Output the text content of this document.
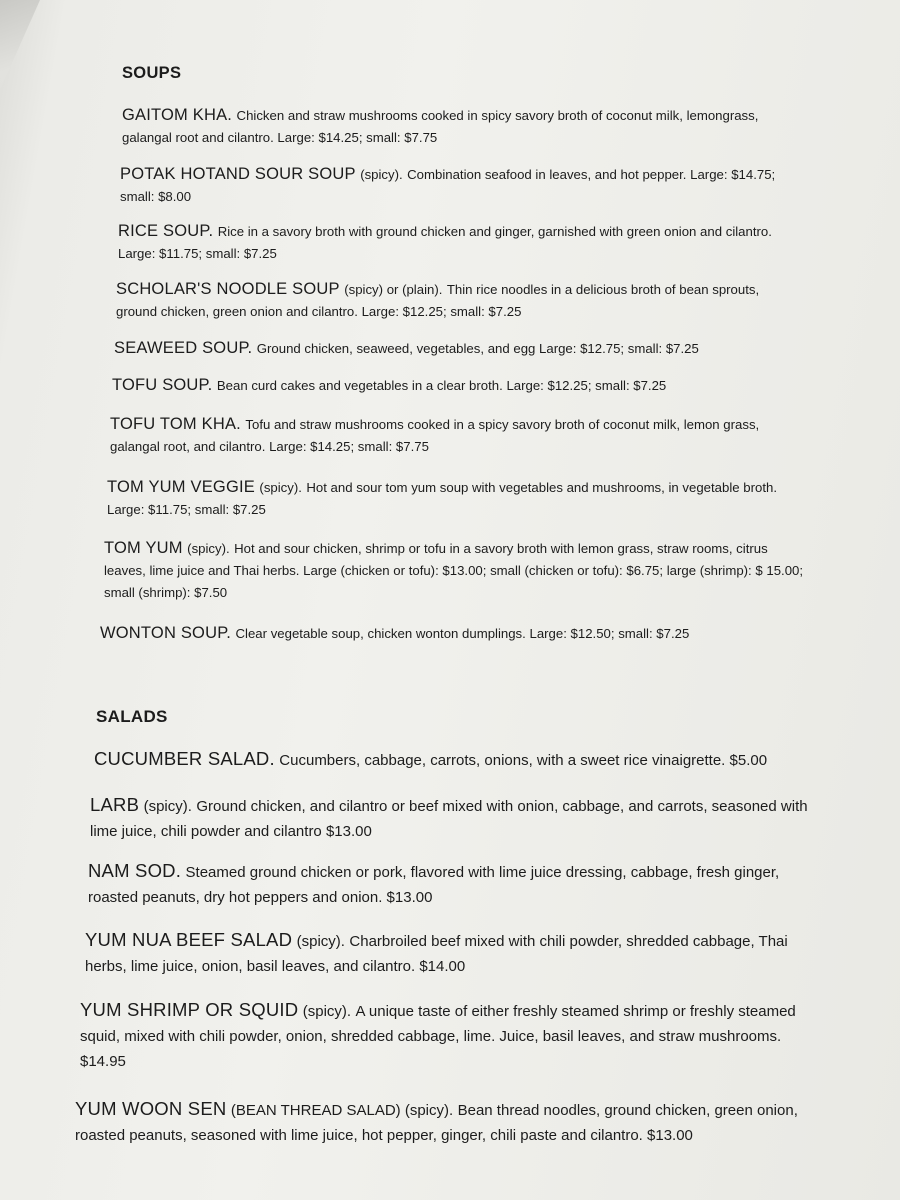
SOUPS
GAITOM KHA. Chicken and straw mushrooms cooked in spicy savory broth of coconut milk, lemongrass, galangal root and cilantro. Large: $14.25; small: $7.75
POTAK HOTAND SOUR SOUP (spicy). Combination seafood in leaves, and hot pepper. Large: $14.75; small: $8.00
RICE SOUP. Rice in a savory broth with ground chicken and ginger, garnished with green onion and cilantro. Large: $11.75; small: $7.25
SCHOLAR'S NOODLE SOUP (spicy) or (plain). Thin rice noodles in a delicious broth of bean sprouts, ground chicken, green onion and cilantro. Large: $12.25; small: $7.25
SEAWEED SOUP. Ground chicken, seaweed, vegetables, and egg Large: $12.75; small: $7.25
TOFU SOUP. Bean curd cakes and vegetables in a clear broth. Large: $12.25; small: $7.25
TOFU TOM KHA. Tofu and straw mushrooms cooked in a spicy savory broth of coconut milk, lemon grass, galangal root, and cilantro. Large: $14.25; small: $7.75
TOM YUM VEGGIE (spicy). Hot and sour tom yum soup with vegetables and mushrooms, in vegetable broth. Large: $11.75; small: $7.25
TOM YUM (spicy). Hot and sour chicken, shrimp or tofu in a savory broth with lemon grass, straw rooms, citrus leaves, lime juice and Thai herbs. Large (chicken or tofu): $13.00; small (chicken or tofu): $6.75; large (shrimp): $ 15.00; small (shrimp): $7.50
WONTON SOUP. Clear vegetable soup, chicken wonton dumplings. Large: $12.50; small: $7.25
SALADS
CUCUMBER SALAD. Cucumbers, cabbage, carrots, onions, with a sweet rice vinaigrette. $5.00
LARB (spicy). Ground chicken, and cilantro or beef mixed with onion, cabbage, and carrots, seasoned with lime juice, chili powder and cilantro $13.00
NAM SOD. Steamed ground chicken or pork, flavored with lime juice dressing, cabbage, fresh ginger, roasted peanuts, dry hot peppers and onion. $13.00
YUM NUA BEEF SALAD (spicy). Charbroiled beef mixed with chili powder, shredded cabbage, Thai herbs, lime juice, onion, basil leaves, and cilantro. $14.00
YUM SHRIMP OR SQUID (spicy). A unique taste of either freshly steamed shrimp or freshly steamed squid, mixed with chili powder, onion, shredded cabbage, lime. Juice, basil leaves, and straw mushrooms. $14.95
YUM WOON SEN (BEAN THREAD SALAD) (spicy). Bean thread noodles, ground chicken, green onion, roasted peanuts, seasoned with lime juice, hot pepper, ginger, chili paste and cilantro. $13.00
